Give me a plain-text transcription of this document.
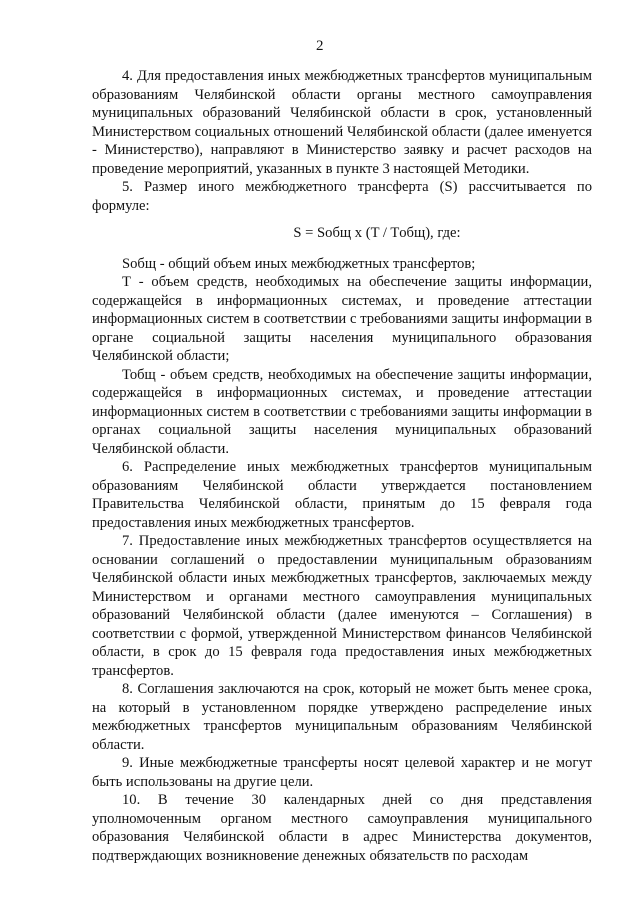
2

4. Для предоставления иных межбюджетных трансфертов муниципальным образованиям Челябинской области органы местного самоуправления муниципальных образований Челябинской области в срок, установленный Министерством социальных отношений Челябинской области (далее именуется - Министерство), направляют в Министерство заявку и расчет расходов на проведение мероприятий, указанных в пункте 3 настоящей Методики.

5. Размер иного межбюджетного трансферта (S) рассчитывается по формуле:

S = Sобщ x (T / Tобщ), где:

Sобщ - общий объем иных межбюджетных трансфертов;

Т - объем средств, необходимых на обеспечение защиты информации, содержащейся в информационных системах, и проведение аттестации информационных систем в соответствии с требованиями защиты информации в органе социальной защиты населения муниципального образования Челябинской области;

Тобщ - объем средств, необходимых на обеспечение защиты информации, содержащейся в информационных системах, и проведение аттестации информационных систем в соответствии с требованиями защиты информации в органах социальной защиты населения муниципальных образований Челябинской области.

6. Распределение иных межбюджетных трансфертов муниципальным образованиям Челябинской области утверждается постановлением Правительства Челябинской области, принятым до 15 февраля года предоставления иных межбюджетных трансфертов.

7. Предоставление иных межбюджетных трансфертов осуществляется на основании соглашений о предоставлении муниципальным образованиям Челябинской области иных межбюджетных трансфертов, заключаемых между Министерством и органами местного самоуправления муниципальных образований Челябинской области (далее именуются – Соглашения) в соответствии с формой, утвержденной Министерством финансов Челябинской области, в срок до 15 февраля года предоставления иных межбюджетных трансфертов.

8. Соглашения заключаются на срок, который не может быть менее срока, на который в установленном порядке утверждено распределение иных межбюджетных трансфертов муниципальным образованиям Челябинской области.

9. Иные межбюджетные трансферты носят целевой характер и не могут быть использованы на другие цели.

10. В течение 30 календарных дней со дня представления уполномоченным органом местного самоуправления муниципального образования Челябинской области в адрес Министерства документов, подтверждающих возникновение денежных обязательств по расходам
